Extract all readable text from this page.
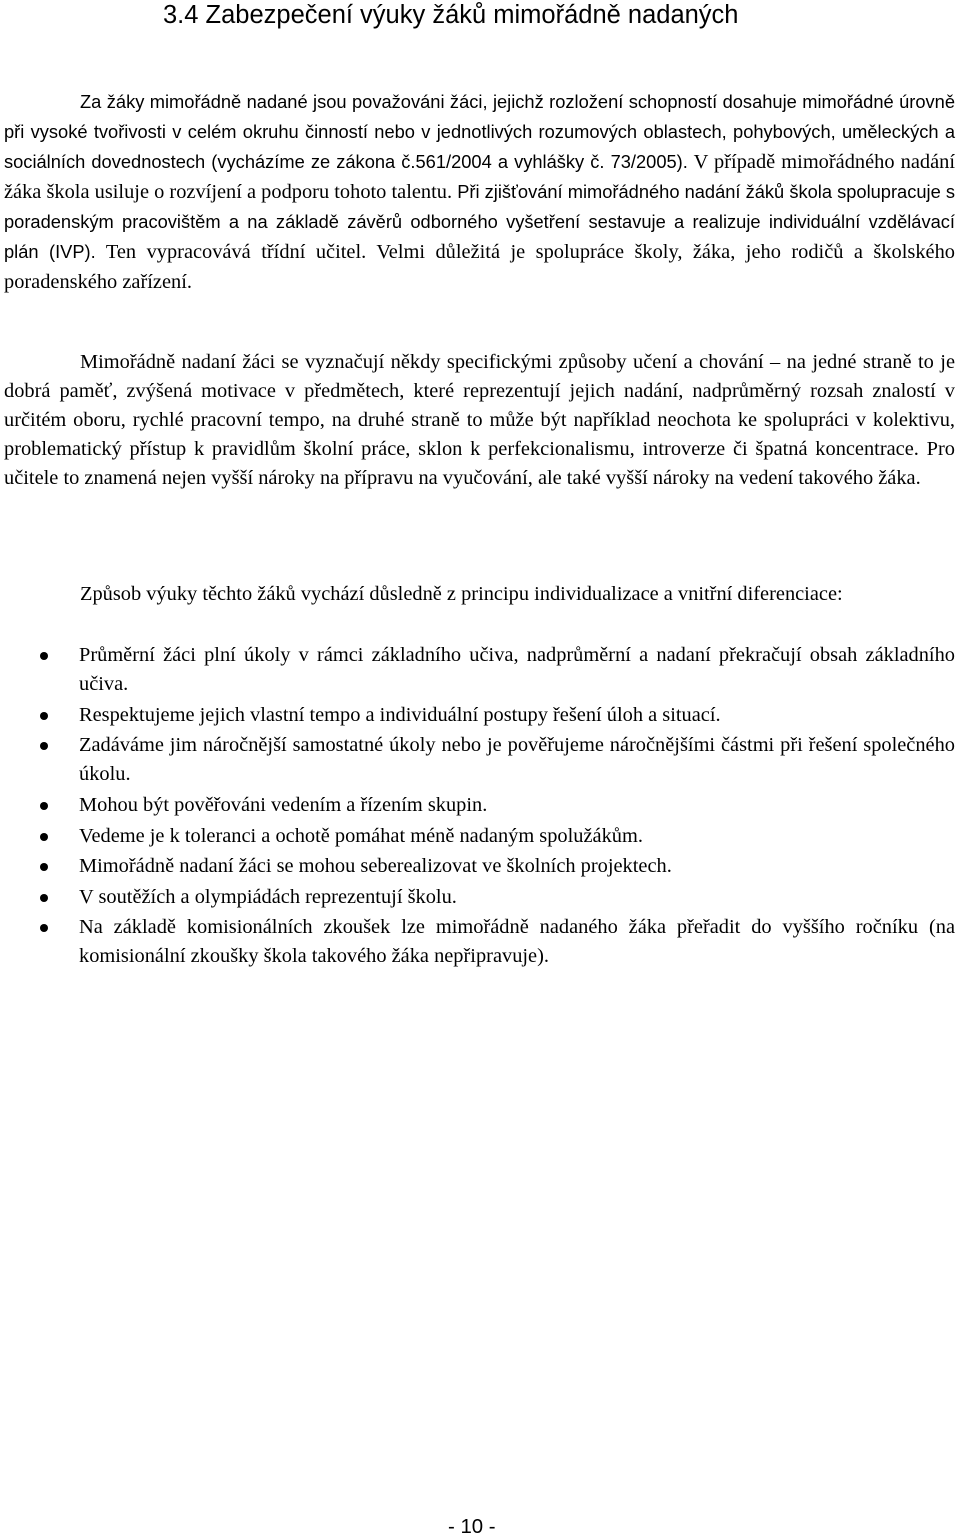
3.4 Zabezpečení výuky žáků mimořádně nadaných

Za žáky mimořádně nadané jsou považováni žáci, jejichž rozložení schopností dosahuje mimořádné úrovně při vysoké tvořivosti v celém okruhu činností nebo v jednotlivých rozumových oblastech, pohybových, uměleckých a sociálních dovednostech (vycházíme ze zákona č.561/2004 a vyhlášky č. 73/2005). V případě mimořádného nadání žáka škola usiluje o rozvíjení a podporu tohoto talentu. Při zjišťování mimořádného nadání žáků škola spolupracuje s poradenským pracovištěm a na základě závěrů odborného vyšetření sestavuje a realizuje individuální vzdělávací plán (IVP). Ten vypracovává třídní učitel. Velmi důležitá je spolupráce školy, žáka, jeho rodičů a školského poradenského zařízení.

Mimořádně nadaní žáci se vyznačují někdy specifickými způsoby učení a chování – na jedné straně to je dobrá paměť, zvýšená motivace v předmětech, které reprezentují jejich nadání, nadprůměrný rozsah znalostí v určitém oboru, rychlé pracovní tempo, na druhé straně to může být například neochota ke spolupráci v kolektivu, problematický přístup k pravidlům školní práce, sklon k perfekcionalismu, introverze či špatná koncentrace. Pro učitele to znamená nejen vyšší nároky na přípravu na vyučování, ale také vyšší nároky na vedení takového žáka.

Způsob výuky těchto žáků vychází důsledně z principu individualizace a vnitřní diferenciace:

Průměrní žáci plní úkoly v rámci základního učiva, nadprůměrní a nadaní překračují obsah základního učiva.
Respektujeme jejich vlastní tempo a individuální postupy řešení úloh a situací.
Zadáváme jim náročnější samostatné úkoly nebo je pověřujeme náročnějšími částmi při řešení společného úkolu.
Mohou být pověřováni vedením a řízením skupin.
Vedeme je k toleranci a ochotě pomáhat méně nadaným spolužákům.
Mimořádně nadaní žáci se mohou seberealizovat ve školních projektech.
V soutěžích a olympiádách reprezentují školu.
Na základě komisionálních zkoušek lze mimořádně nadaného žáka přeřadit do vyššího ročníku (na komisionální zkoušky škola takového žáka nepřipravuje).

- 10 -
